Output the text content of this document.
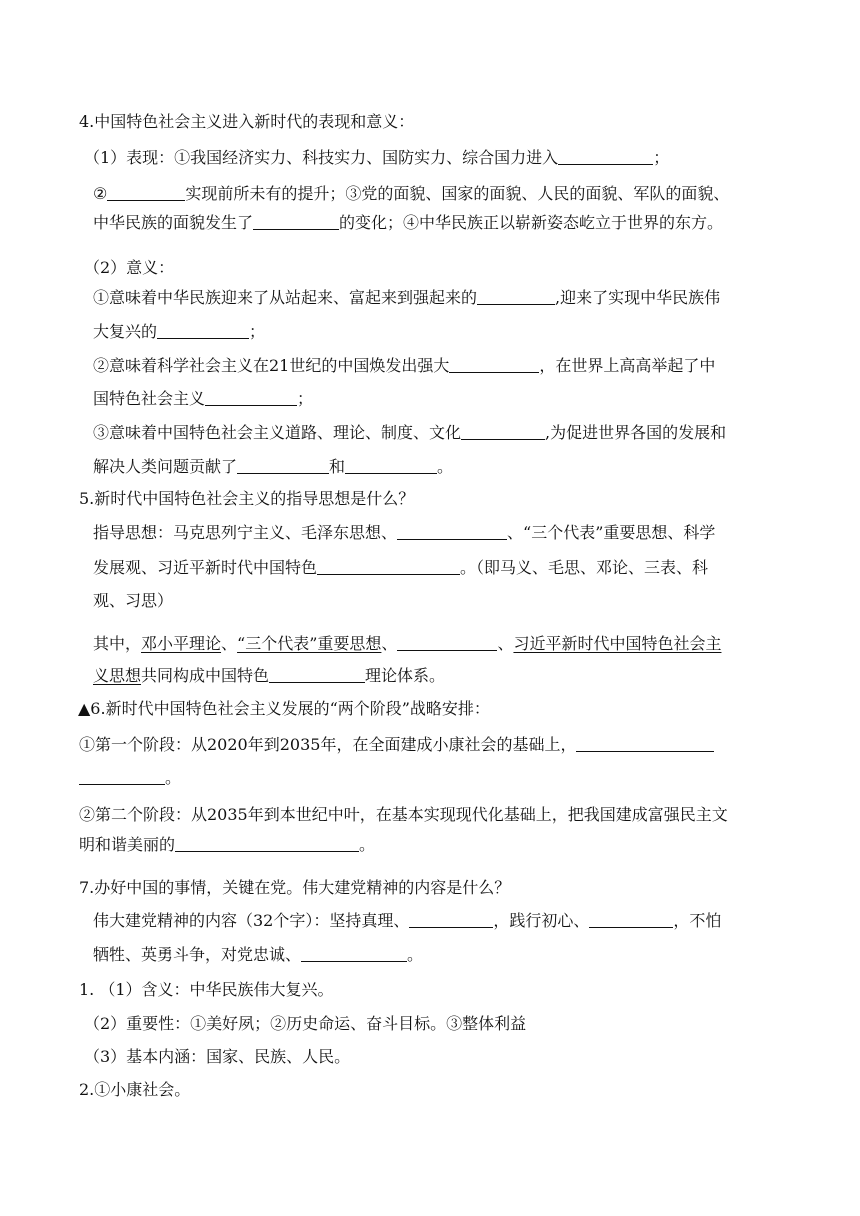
4.中国特色社会主义进入新时代的表现和意义：
（1）表现：①我国经济实力、科技实力、国防实力、综合国力进入	；
②	实现前所未有的提升；③党的面貌、国家的面貌、人民的面貌、军队的面貌、
中华民族的面貌发生了	的变化；④中华民族正以崭新姿态屹立于世界的东方。
（2）意义：
①意味着中华民族迎来了从站起来、富起来到强起来的	,迎来了实现中华民族伟
大复兴的	；
②意味着科学社会主义在21世纪的中国焕发出强大	，在世界上高高举起了中
国特色社会主义	；
③意味着中国特色社会主义道路、理论、制度、文化	,为促进世界各国的发展和
解决人类问题贡献了	和	。
5.新时代中国特色社会主义的指导思想是什么？
指导思想：马克思列宁主义、毛泽东思想、	、“三个代表”重要思想、科学
发展观、习近平新时代中国特色	。（即马义、毛思、邓论、三表、科
观、习思）
其中，邓小平理论、“三个代表”重要思想、	、习近平新时代中国特色社会主
义思想共同构成中国特色	理论体系。
▲6.新时代中国特色社会主义发展的“两个阶段”战略安排：
①第一个阶段：从2020年到2035年，在全面建成小康社会的基础上，
。
②第二个阶段：从2035年到本世纪中叶，在基本实现现代化基础上，把我国建成富强民主文
明和谐美丽的	。
7.办好中国的事情，关键在党。伟大建党精神的内容是什么？
伟大建党精神的内容（32个字）：坚持真理、	，践行初心、	，不怕
牺牲、英勇斗争，对党忠诚、	。
1. （1）含义：中华民族伟大复兴。
（2）重要性：①美好夙；②历史命运、奋斗目标。③整体利益
（3）基本内涵：国家、民族、人民。
2.①小康社会。
